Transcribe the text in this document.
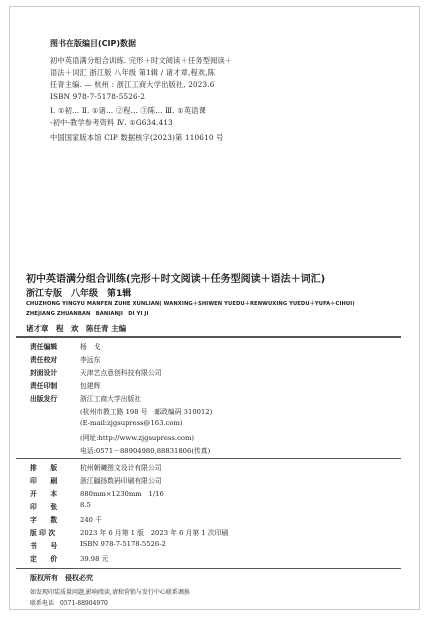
图书在版编目(CIP)数据
初中英语满分组合训练. 完形＋时文阅读＋任务型阅读＋
语法＋词汇 浙江版 八年级 第1辑 / 诸才章,程欢,陈
任青主编. — 杭州 : 浙江工商大学出版社, 2023.6
ISBN 978-7-5178-5526-2
Ⅰ. ①初… Ⅱ. ①诸… ②程… ③陈… Ⅲ. ①英语课
-初中-教学参考资料 Ⅳ. ①G634.413
中国国家版本馆 CIP 数据核字(2023)第 110610 号
初中英语满分组合训练(完形＋时文阅读＋任务型阅读＋语法＋词汇)
浙江专版　八年级　第1辑
CHUZHONG YINGYU MANFEN ZUHE XUNLIAN( WANXING＋SHIWEN YUEDU＋RENWUXING YUEDU＋YUFA＋CIHUI)
ZHEJIANG ZHUANBAN　BANIANJI　DI YI JI
诸才章　程　欢　陈任青 主编
责任编辑	杨　戈
责任校对	李远东
封面设计	天津艺点意创科技有限公司
责任印制	包建辉
出版发行	浙江工商大学出版社
(杭州市教工路 198 号　邮政编码 310012)
(E-mail:zjgsupress@163.com)
(网址:http://www.zjgsupress.com)
电话:0571－88904980,88831806(传真)
排　　版	杭州朝曦图文设计有限公司
印　　刷	浙江疆扬数码印刷有限公司
开　　本	880mm×1230mm　1/16
印　　张	8.5
字　　数	240 千
版 印 次	2023 年 6 月第 1 版　2023 年 6 月第 1 次印刷
书　　号	ISBN 978-7-5178-5526-2
定　　价	39.98 元
版权所有　侵权必究
如发现印装质量问题,影响阅读,请和营销与发行中心联系调换
联系电话　0571-88904970
